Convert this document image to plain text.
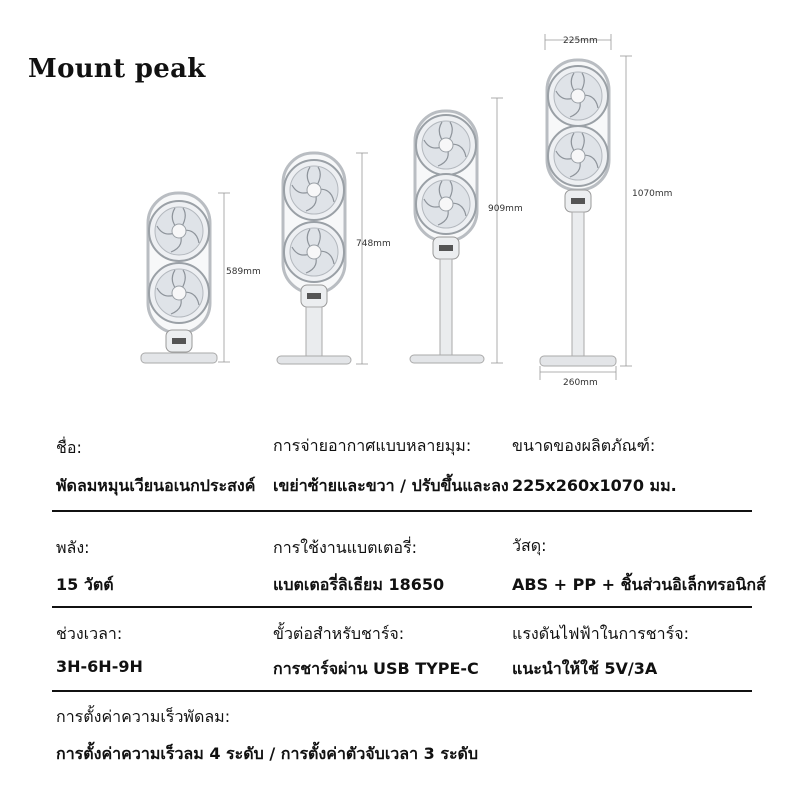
Mount peak
589mm
748mm
909mm
1070mm
225mm
260mm
ชื่อ:
พัดลมหมุนเวียนอเนกประสงค์
การจ่ายอากาศแบบหลายมุม:
เขย่าซ้ายและขวา / ปรับขึ้นและลง
ขนาดของผลิตภัณฑ์:
225x260x1070 มม.
พลัง:
15 วัตต์
การใช้งานแบตเตอรี่:
แบตเตอรี่ลิเธียม 18650
วัสดุ:
ABS + PP + ชิ้นส่วนอิเล็กทรอนิกส์
ช่วงเวลา:
3H-6H-9H
ขั้วต่อสำหรับชาร์จ:
การชาร์จผ่าน USB TYPE-C
แรงดันไฟฟ้าในการชาร์จ:
แนะนำให้ใช้ 5V/3A
การตั้งค่าความเร็วพัดลม:
การตั้งค่าความเร็วลม 4 ระดับ / การตั้งค่าตัวจับเวลา 3 ระดับ
